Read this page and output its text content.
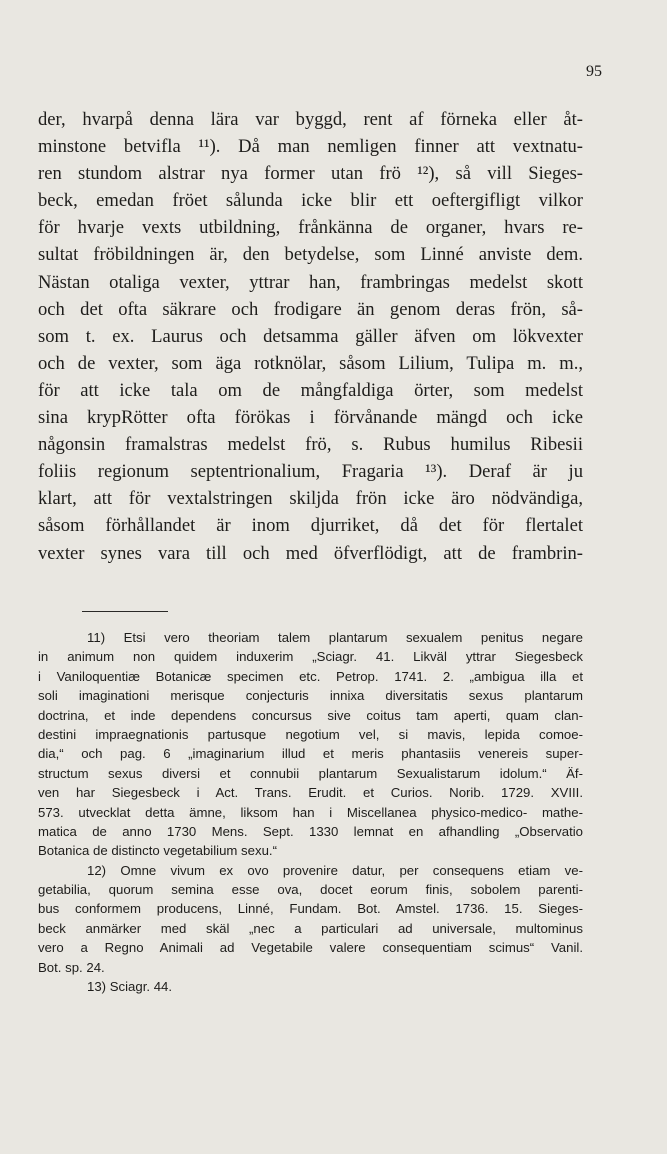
95
der, hvarpå denna lära var byggd, rent af förneka eller åt-
minstone betvifla ¹¹). Då man nemligen finner att vextnatu-
ren stundom alstrar nya former utan frö ¹²), så vill Sieges-
beck, emedan fröet sålunda icke blir ett oeftergifligt vilkor
för hvarje vexts utbildning, frånkänna de organer, hvars re-
sultat fröbildningen är, den betydelse, som Linné anviste dem.
Nästan otaliga vexter, yttrar han, frambringas medelst skott
och det ofta säkrare och frodigare än genom deras frön, så-
som t. ex. Laurus och detsamma gäller äfven om lökvexter
och de vexter, som äga rotknölar, såsom Lilium, Tulipa m. m.,
för att icke tala om de mångfaldiga örter, som medelst
sina krypRötter ofta förökas i förvånande mängd och icke
någonsin framalstras medelst frö, s. Rubus humilus Ribesii
foliis regionum septentrionalium, Fragaria ¹³). Deraf är ju
klart, att för vextalstringen skiljda frön icke äro nödvändiga,
såsom förhållandet är inom djurriket, då det för flertalet
vexter synes vara till och med öfverflödigt, att de frambrin-
11) Etsi vero theoriam talem plantarum sexualem penitus negare
in animum non quidem induxerim „Sciagr. 41. Likväl yttrar Siegesbeck
i Vaniloquentiæ Botanicæ specimen etc. Petrop. 1741. 2. „ambigua illa et
soli imaginationi merisque conjecturis innixa diversitatis sexus plantarum
doctrina, et inde dependens concursus sive coitus tam aperti, quam clan-
destini impraegnationis partusque negotium vel, si mavis, lepida comoe-
dia,“ och pag. 6 „imaginarium illud et meris phantasiis venereis super-
structum sexus diversi et connubii plantarum Sexualistarum idolum.“ Äf-
ven har Siegesbeck i Act. Trans. Erudit. et Curios. Norib. 1729. XVIII.
573. utvecklat detta ämne, liksom han i Miscellanea physico-medico- mathe-
matica de anno 1730 Mens. Sept. 1330 lemnat en afhandling „Observatio
Botanica de distincto vegetabilium sexu.“
12) Omne vivum ex ovo provenire datur, per consequens etiam ve-
getabilia, quorum semina esse ova, docet eorum finis, sobolem parenti-
bus conformem producens, Linné, Fundam. Bot. Amstel. 1736. 15. Sieges-
beck anmärker med skäl „nec a particulari ad universale, multominus
vero a Regno Animali ad Vegetabile valere consequentiam scimus“ Vanil.
Bot. sp. 24.
13) Sciagr. 44.
